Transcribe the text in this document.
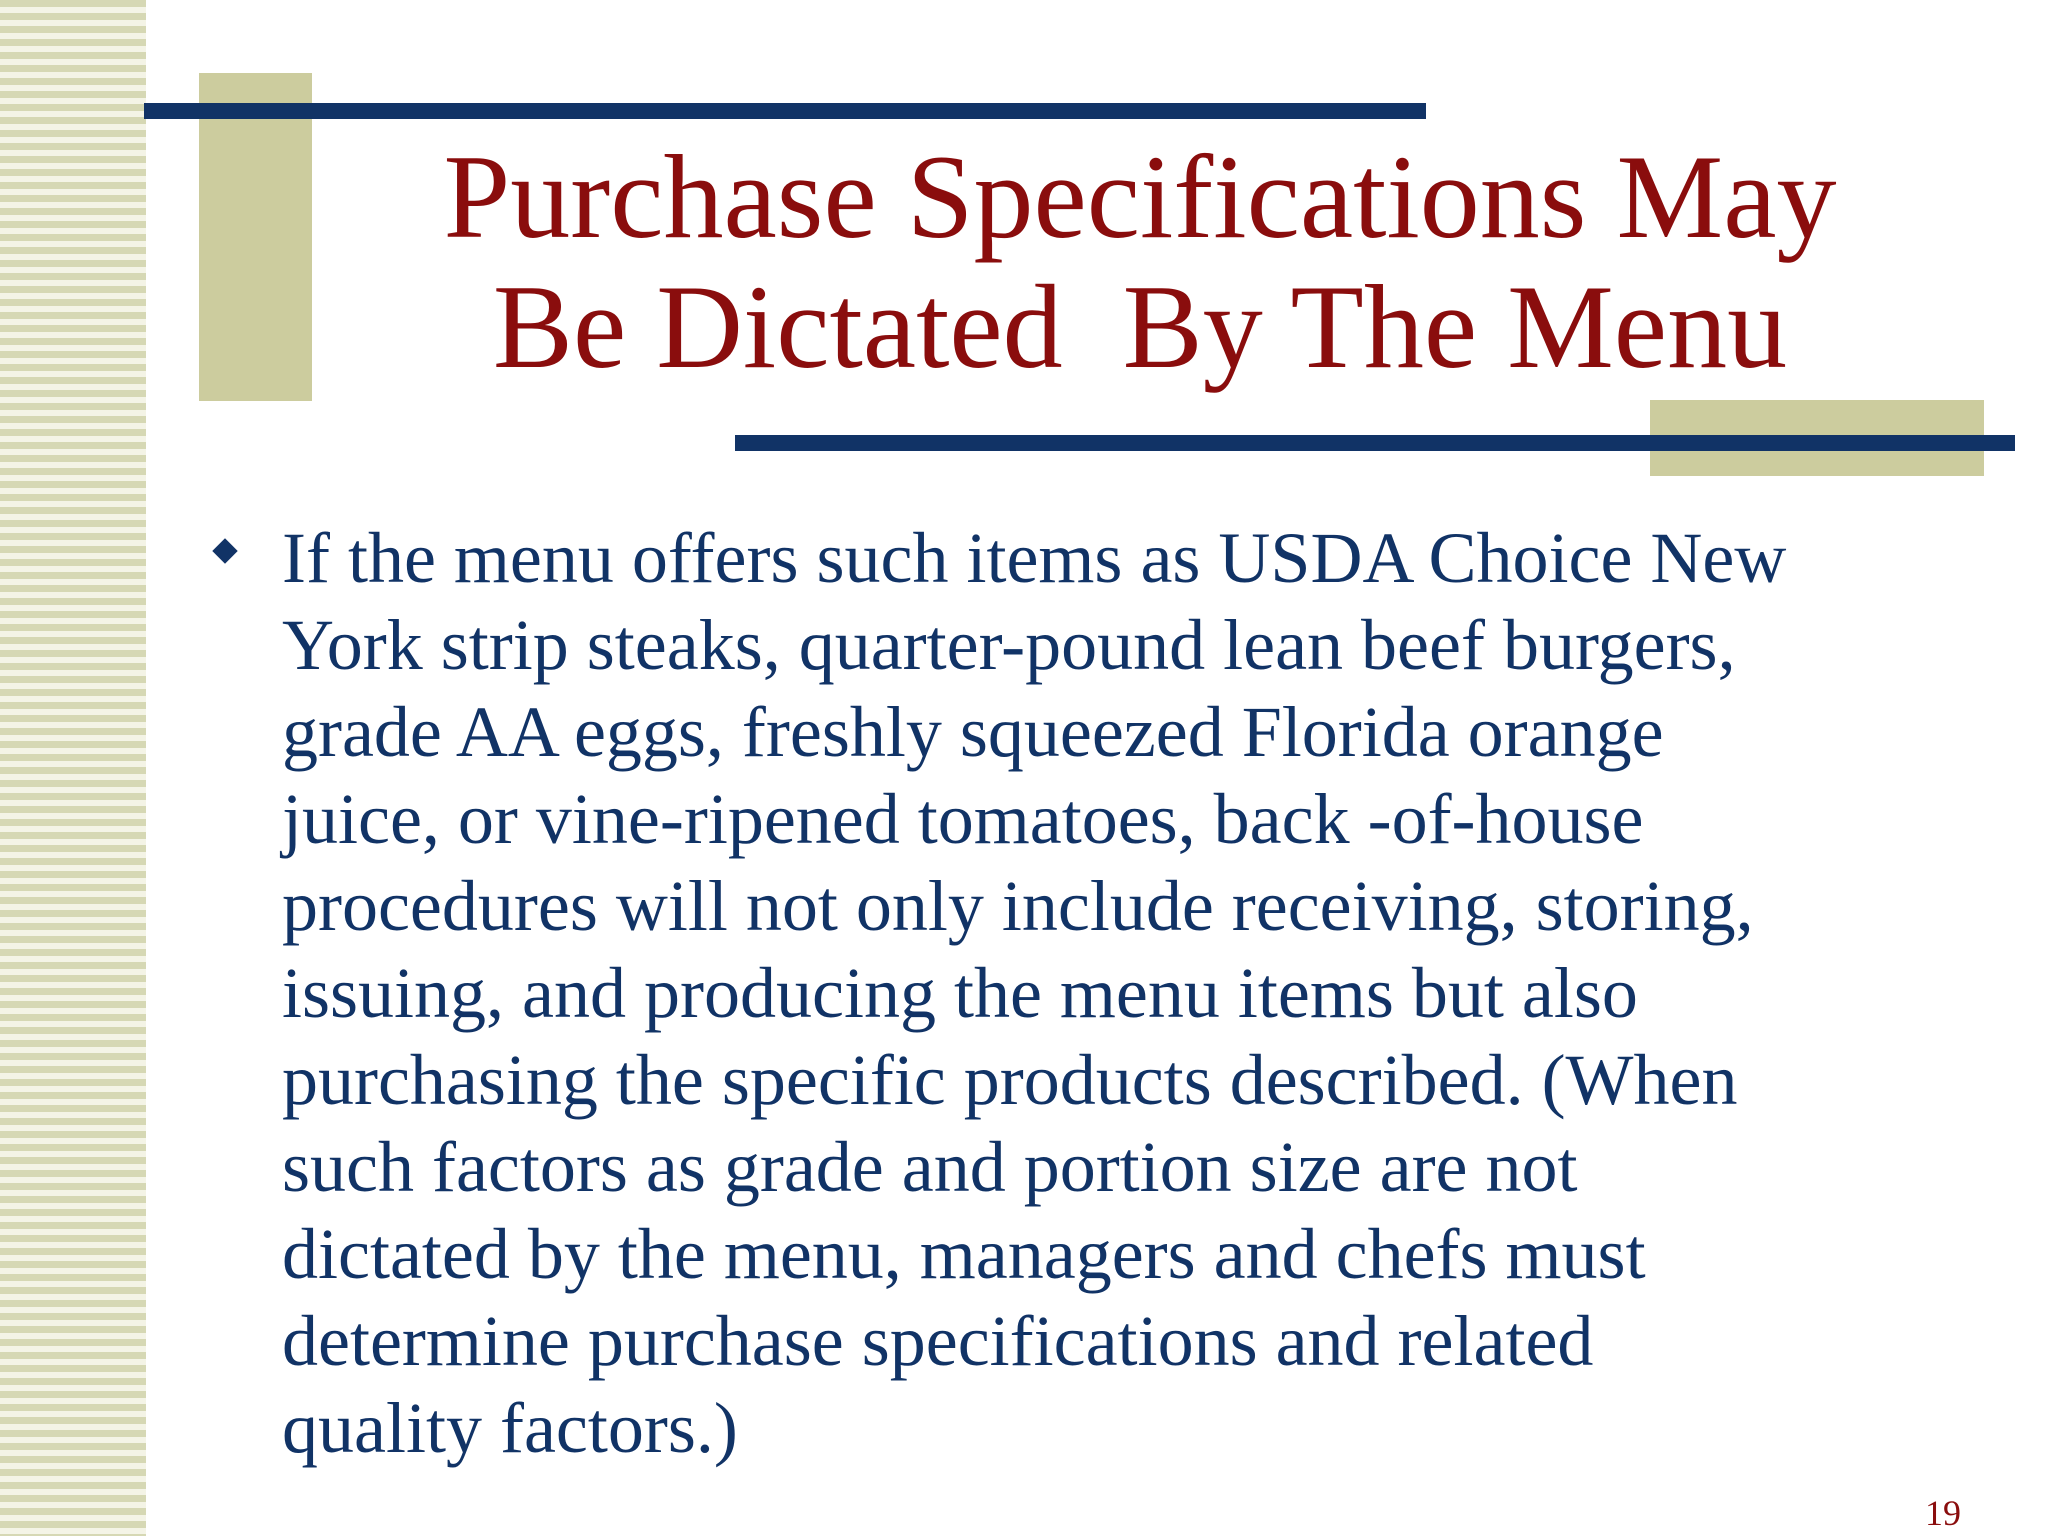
Purchase Specifications May
Be Dictated  By The Menu
If the menu offers such items as USDA Choice New
York strip steaks, quarter-pound lean beef burgers,
grade AA eggs, freshly squeezed Florida orange
juice, or vine-ripened tomatoes, back -of-house
procedures will not only include receiving, storing,
issuing, and producing the menu items but also
purchasing the specific products described. (When
such factors as grade and portion size are not
dictated by the menu, managers and chefs must
determine purchase specifications and related
quality factors.)
19
